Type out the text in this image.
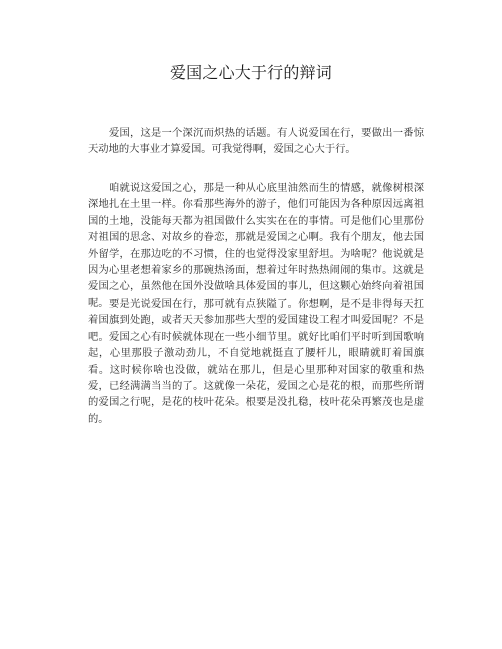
爱国之心大于行的辩词

爱国，这是一个深沉而炽热的话题。有人说爱国在行，要做出一番惊天动地的大事业才算爱国。可我觉得啊，爱国之心大于行。

咱就说这爱国之心，那是一种从心底里油然而生的情感，就像树根深深地扎在土里一样。你看那些海外的游子，他们可能因为各种原因远离祖国的土地，没能每天都为祖国做什么实实在在的事情。可是他们心里那份对祖国的思念、对故乡的眷恋，那就是爱国之心啊。我有个朋友，他去国外留学，在那边吃的不习惯，住的也觉得没家里舒坦。为啥呢？他说就是因为心里老想着家乡的那碗热汤面，想着过年时热热闹闹的集市。这就是爱国之心，虽然他在国外没做啥具体爱国的事儿，但这颗心始终向着祖国呢。 要是光说爱国在行，那可就有点狭隘了。你想啊，是不是非得每天扛着国旗到处跑，或者天天参加那些大型的爱国建设工程才叫爱国呢？不是吧。爱国之心有时候就体现在一些小细节里。就好比咱们平时听到国歌响起，心里那股子激动劲儿，不自觉地就挺直了腰杆儿，眼睛就盯着国旗看。这时候你啥也没做，就站在那儿，但是心里那种对国家的敬重和热爱，已经满满当当的了。这就像一朵花，爱国之心是花的根，而那些所谓的爱国之行呢，是花的枝叶花朵。根要是没扎稳，枝叶花朵再繁茂也是虚的。
